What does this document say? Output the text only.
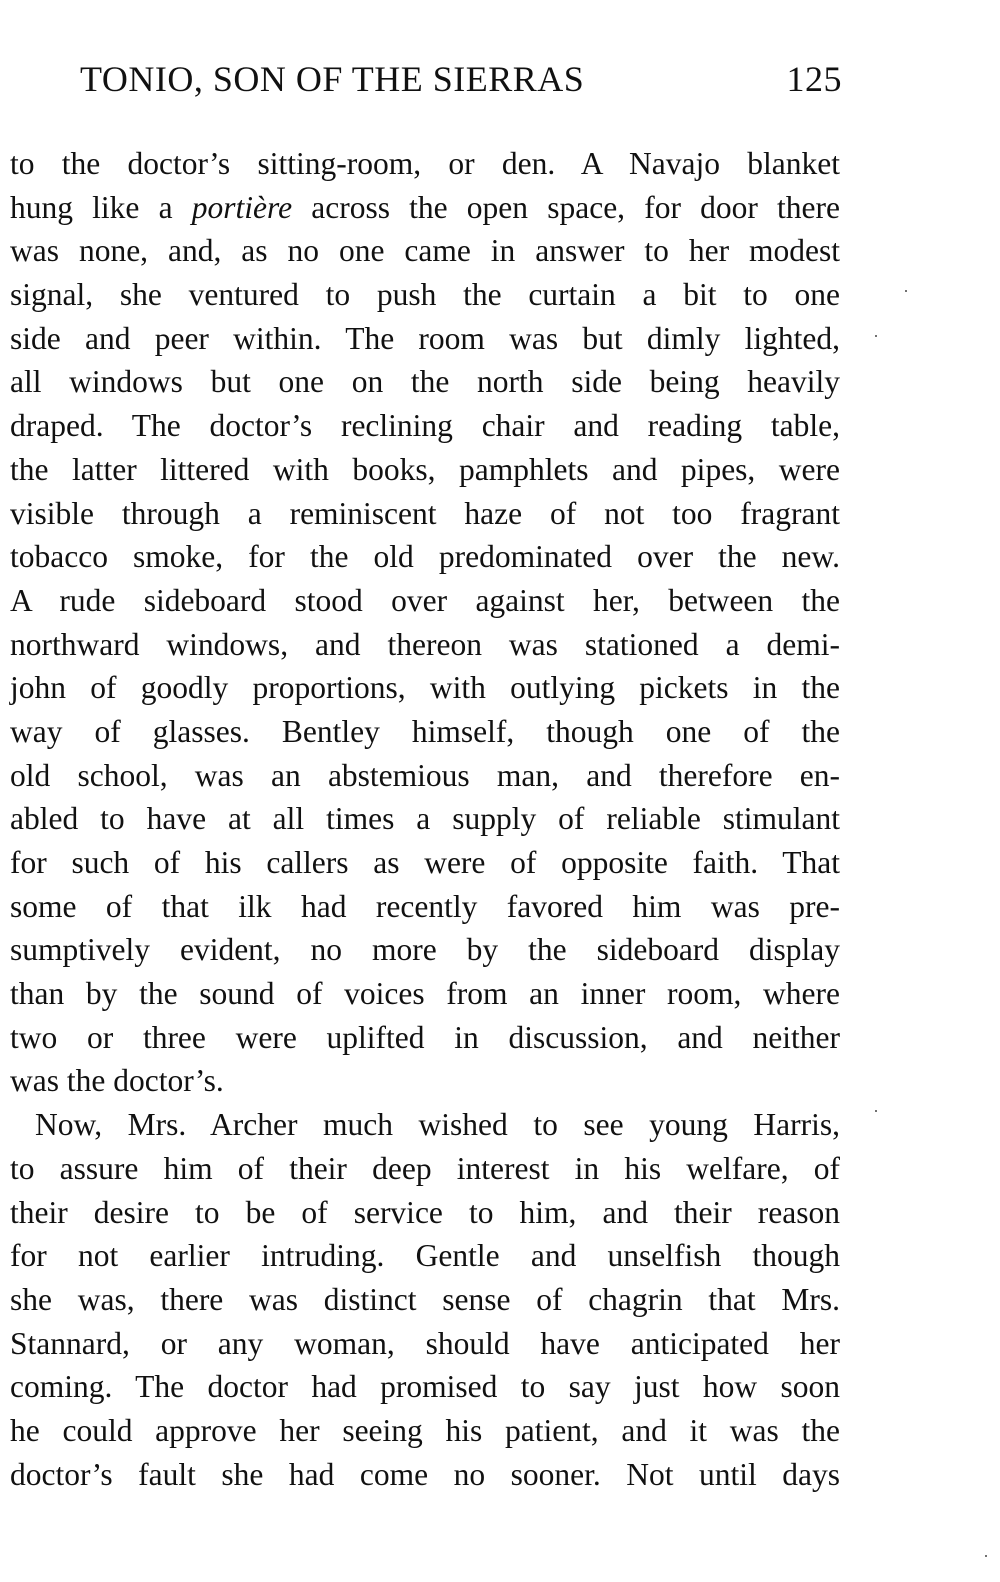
TONIO, SON OF THE SIERRAS	125
to the doctor’s sitting-room, or den. A Navajo blanket
hung like a portière across the open space, for door there
was none, and, as no one came in answer to her modest
signal, she ventured to push the curtain a bit to one
side and peer within. The room was but dimly lighted,
all windows but one on the north side being heavily
draped. The doctor’s reclining chair and reading table,
the latter littered with books, pamphlets and pipes, were
visible through a reminiscent haze of not too fragrant
tobacco smoke, for the old predominated over the new.
A rude sideboard stood over against her, between the
northward windows, and thereon was stationed a demi-
john of goodly proportions, with outlying pickets in the
way of glasses. Bentley himself, though one of the
old school, was an abstemious man, and therefore en-
abled to have at all times a supply of reliable stimulant
for such of his callers as were of opposite faith. That
some of that ilk had recently favored him was pre-
sumptively evident, no more by the sideboard display
than by the sound of voices from an inner room, where
two or three were uplifted in discussion, and neither
was the doctor’s.
Now, Mrs. Archer much wished to see young Harris,
to assure him of their deep interest in his welfare, of
their desire to be of service to him, and their reason
for not earlier intruding. Gentle and unselfish though
she was, there was distinct sense of chagrin that Mrs.
Stannard, or any woman, should have anticipated her
coming. The doctor had promised to say just how soon
he could approve her seeing his patient, and it was the
doctor’s fault she had come no sooner. Not until days
